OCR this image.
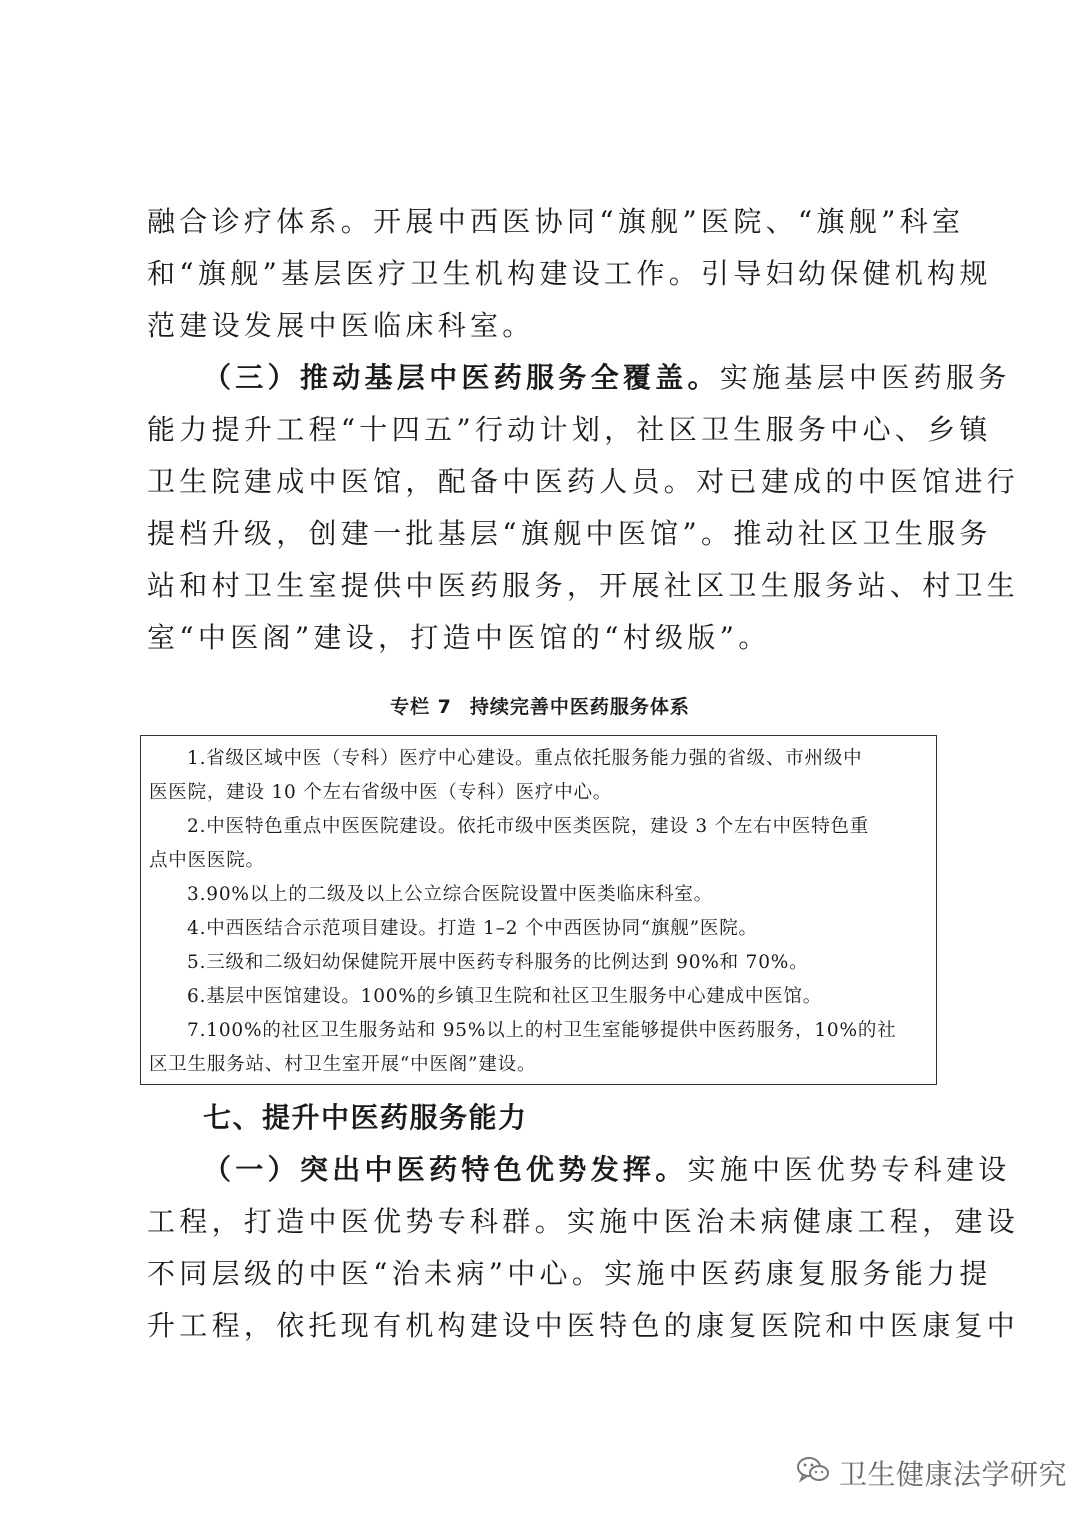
融合诊疗体系。开展中西医协同“旗舰”医院、“旗舰”科室
和“旗舰”基层医疗卫生机构建设工作。引导妇幼保健机构规
范建设发展中医临床科室。
（三）推动基层中医药服务全覆盖。实施基层中医药服务
能力提升工程“十四五”行动计划，社区卫生服务中心、乡镇
卫生院建成中医馆，配备中医药人员。对已建成的中医馆进行
提档升级，创建一批基层“旗舰中医馆”。推动社区卫生服务
站和村卫生室提供中医药服务，开展社区卫生服务站、村卫生
室“中医阁”建设，打造中医馆的“村级版”。
专栏 7 持续完善中医药服务体系
1.省级区域中医（专科）医疗中心建设。重点依托服务能力强的省级、市州级中
医医院，建设 10 个左右省级中医（专科）医疗中心。
2.中医特色重点中医医院建设。依托市级中医类医院，建设 3 个左右中医特色重
点中医医院。
3.90%以上的二级及以上公立综合医院设置中医类临床科室。
4.中西医结合示范项目建设。打造 1–2 个中西医协同“旗舰”医院。
5.三级和二级妇幼保健院开展中医药专科服务的比例达到 90%和 70%。
6.基层中医馆建设。100%的乡镇卫生院和社区卫生服务中心建成中医馆。
7.100%的社区卫生服务站和 95%以上的村卫生室能够提供中医药服务，10%的社
区卫生服务站、村卫生室开展“中医阁”建设。
七、提升中医药服务能力
（一）突出中医药特色优势发挥。实施中医优势专科建设
工程，打造中医优势专科群。实施中医治未病健康工程，建设
不同层级的中医“治未病”中心。实施中医药康复服务能力提
升工程，依托现有机构建设中医特色的康复医院和中医康复中
卫生健康法学研究
